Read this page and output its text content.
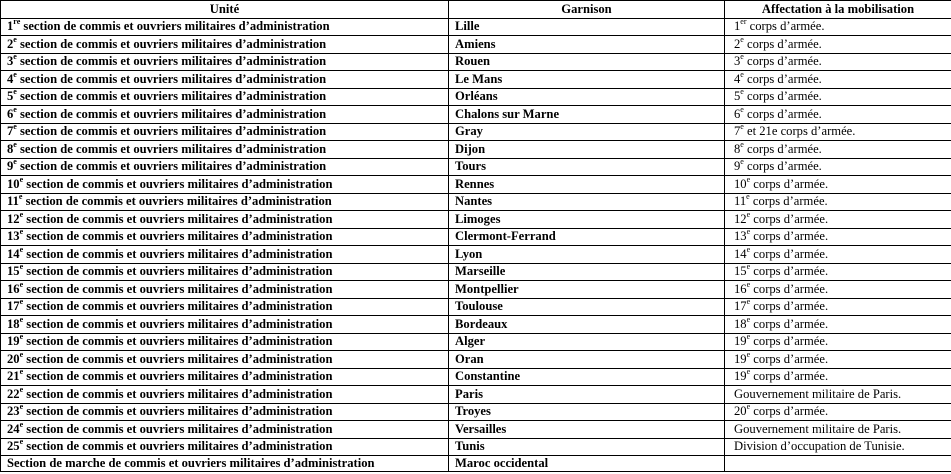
Unité	Garnison	Affectation à la mobilisation
1re section de commis et ouvriers militaires d’administration	Lille	1er corps d’armée.
2e section de commis et ouvriers militaires d’administration	Amiens	2e corps d’armée.
3e section de commis et ouvriers militaires d’administration	Rouen	3e corps d’armée.
4e section de commis et ouvriers militaires d’administration	Le Mans	4e corps d’armée.
5e section de commis et ouvriers militaires d’administration	Orléans	5e corps d’armée.
6e section de commis et ouvriers militaires d’administration	Chalons sur Marne	6e corps d’armée.
7e section de commis et ouvriers militaires d’administration	Gray	7e et 21e corps d’armée.
8e section de commis et ouvriers militaires d’administration	Dijon	8e corps d’armée.
9e section de commis et ouvriers militaires d’administration	Tours	9e corps d’armée.
10e section de commis et ouvriers militaires d’administration	Rennes	10e corps d’armée.
11e section de commis et ouvriers militaires d’administration	Nantes	11e corps d’armée.
12e section de commis et ouvriers militaires d’administration	Limoges	12e corps d’armée.
13e section de commis et ouvriers militaires d’administration	Clermont-Ferrand	13e corps d’armée.
14e section de commis et ouvriers militaires d’administration	Lyon	14e corps d’armée.
15e section de commis et ouvriers militaires d’administration	Marseille	15e corps d’armée.
16e section de commis et ouvriers militaires d’administration	Montpellier	16e corps d’armée.
17e section de commis et ouvriers militaires d’administration	Toulouse	17e corps d’armée.
18e section de commis et ouvriers militaires d’administration	Bordeaux	18e corps d’armée.
19e section de commis et ouvriers militaires d’administration	Alger	19e corps d’armée.
20e section de commis et ouvriers militaires d’administration	Oran	19e corps d’armée.
21e section de commis et ouvriers militaires d’administration	Constantine	19e corps d’armée.
22e section de commis et ouvriers militaires d’administration	Paris	Gouvernement militaire de Paris.
23e section de commis et ouvriers militaires d’administration	Troyes	20e corps d’armée.
24e section de commis et ouvriers militaires d’administration	Versailles	Gouvernement militaire de Paris.
25e section de commis et ouvriers militaires d’administration	Tunis	Division d’occupation de Tunisie.
Section de marche de commis et ouvriers militaires d’administration	Maroc occidental	
